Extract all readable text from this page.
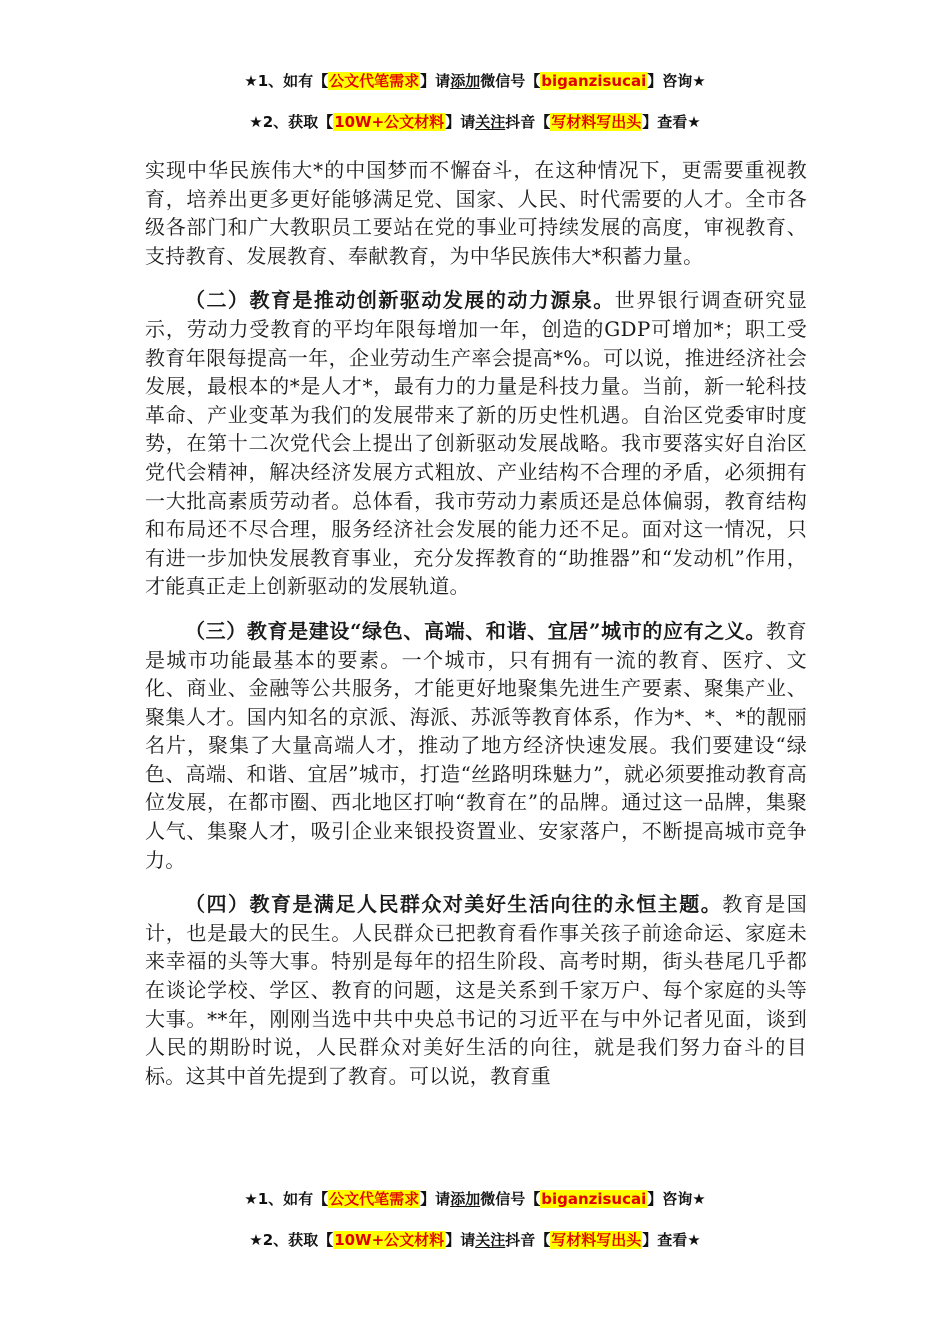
★1、如有【公文代笔需求】请添加微信号【biganzisucai】咨询★
★2、获取【10W+公文材料】请关注抖音【写材料写出头】查看★

实现中华民族伟大*的中国梦而不懈奋斗，在这种情况下，更需要重视教育，培养出更多更好能够满足党、国家、人民、时代需要的人才。全市各级各部门和广大教职员工要站在党的事业可持续发展的高度，审视教育、支持教育、发展教育、奉献教育，为中华民族伟大*积蓄力量。

（二）教育是推动创新驱动发展的动力源泉。世界银行调查研究显示，劳动力受教育的平均年限每增加一年，创造的GDP可增加*；职工受教育年限每提高一年，企业劳动生产率会提高*%。可以说，推进经济社会发展，最根本的*是人才*，最有力的力量是科技力量。当前，新一轮科技革命、产业变革为我们的发展带来了新的历史性机遇。自治区党委审时度势，在第十二次党代会上提出了创新驱动发展战略。我市要落实好自治区党代会精神，解决经济发展方式粗放、产业结构不合理的矛盾，必须拥有一大批高素质劳动者。总体看，我市劳动力素质还是总体偏弱，教育结构和布局还不尽合理，服务经济社会发展的能力还不足。面对这一情况，只有进一步加快发展教育事业，充分发挥教育的“助推器”和“发动机”作用，才能真正走上创新驱动的发展轨道。

（三）教育是建设“绿色、高端、和谐、宜居”城市的应有之义。教育是城市功能最基本的要素。一个城市，只有拥有一流的教育、医疗、文化、商业、金融等公共服务，才能更好地聚集先进生产要素、聚集产业、聚集人才。国内知名的京派、海派、苏派等教育体系，作为*、*、*的靓丽名片，聚集了大量高端人才，推动了地方经济快速发展。我们要建设“绿色、高端、和谐、宜居”城市，打造“丝路明珠魅力”，就必须要推动教育高位发展，在都市圈、西北地区打响“教育在”的品牌。通过这一品牌，集聚人气、集聚人才，吸引企业来银投资置业、安家落户，不断提高城市竞争力。

（四）教育是满足人民群众对美好生活向往的永恒主题。教育是国计，也是最大的民生。人民群众已把教育看作事关孩子前途命运、家庭未来幸福的头等大事。特别是每年的招生阶段、高考时期，街头巷尾几乎都在谈论学校、学区、教育的问题，这是关系到千家万户、每个家庭的头等大事。**年，刚刚当选中共中央总书记的习近平在与中外记者见面，谈到人民的期盼时说，人民群众对美好生活的向往，就是我们努力奋斗的目标。这其中首先提到了教育。可以说，教育重

★1、如有【公文代笔需求】请添加微信号【biganzisucai】咨询★
★2、获取【10W+公文材料】请关注抖音【写材料写出头】查看★
